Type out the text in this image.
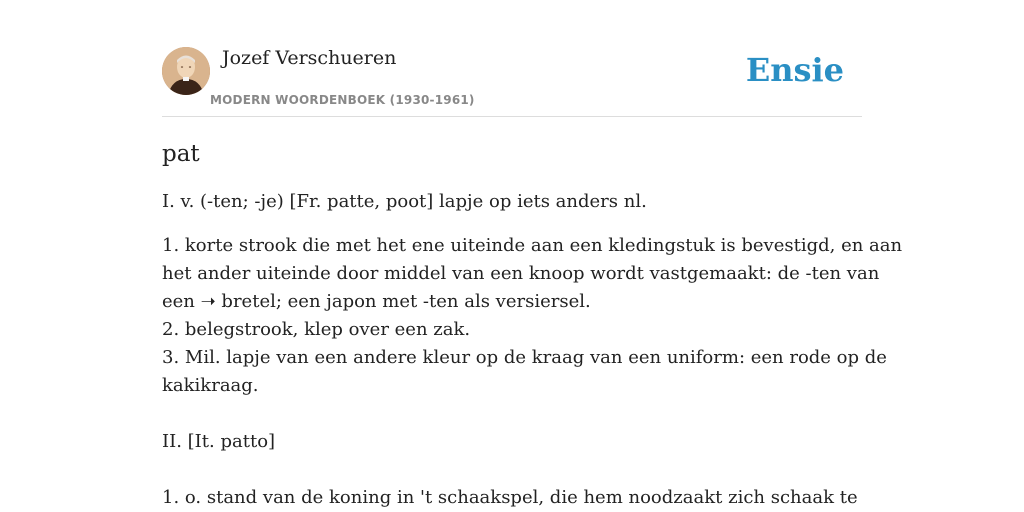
Jozef Verschueren
MODERN WOORDENBOEK (1930-1961)
Ensie
pat
I. v. (-ten; -je) [Fr. patte, poot] lapje op iets anders nl.
1. korte strook die met het ene uiteinde aan een kledingstuk is bevestigd, en aan
het ander uiteinde door middel van een knoop wordt vastgemaakt: de -ten van
een ➝ bretel; een japon met -ten als versiersel.
2. belegstrook, klep over een zak.
3. Mil. lapje van een andere kleur op de kraag van een uniform: een rode op de
kakikraag.
II. [It. patto]
1. o. stand van de koning in 't schaakspel, die hem noodzaakt zich schaak te
